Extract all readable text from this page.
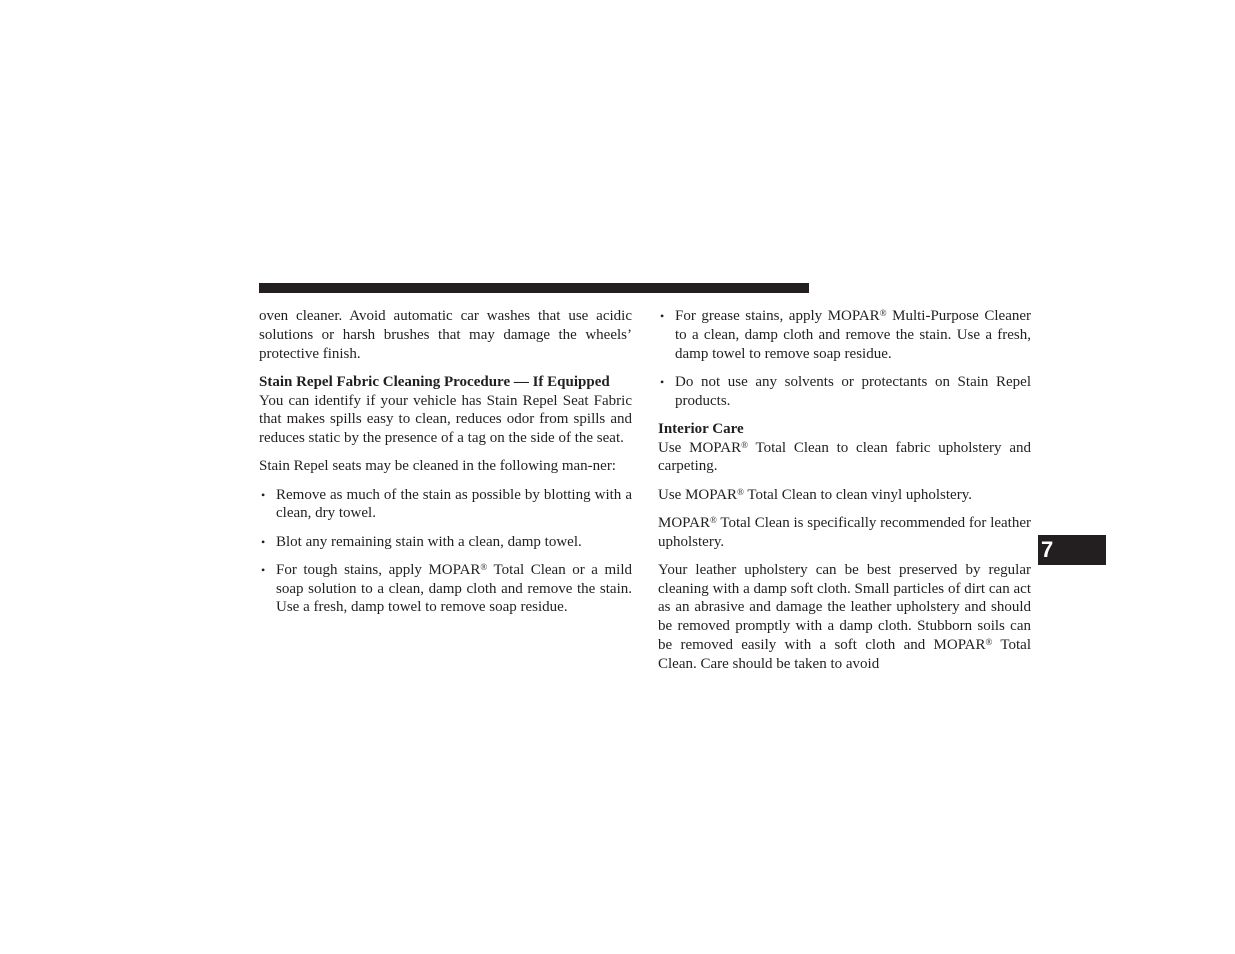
oven cleaner. Avoid automatic car washes that use acidic solutions or harsh brushes that may damage the wheels’ protective finish.

Stain Repel Fabric Cleaning Procedure — If Equipped

You can identify if your vehicle has Stain Repel Seat Fabric that makes spills easy to clean, reduces odor from spills and reduces static by the presence of a tag on the side of the seat.

Stain Repel seats may be cleaned in the following man-ner:

• Remove as much of the stain as possible by blotting with a clean, dry towel.
• Blot any remaining stain with a clean, damp towel.
• For tough stains, apply MOPAR® Total Clean or a mild soap solution to a clean, damp cloth and remove the stain. Use a fresh, damp towel to remove soap residue.
• For grease stains, apply MOPAR® Multi-Purpose Cleaner to a clean, damp cloth and remove the stain. Use a fresh, damp towel to remove soap residue.
• Do not use any solvents or protectants on Stain Repel products.
Interior Care

Use MOPAR® Total Clean to clean fabric upholstery and carpeting.

Use MOPAR® Total Clean to clean vinyl upholstery.

MOPAR® Total Clean is specifically recommended for leather upholstery.

Your leather upholstery can be best preserved by regular cleaning with a damp soft cloth. Small particles of dirt can act as an abrasive and damage the leather upholstery and should be removed promptly with a damp cloth. Stubborn soils can be removed easily with a soft cloth and MOPAR® Total Clean. Care should be taken to avoid

7
